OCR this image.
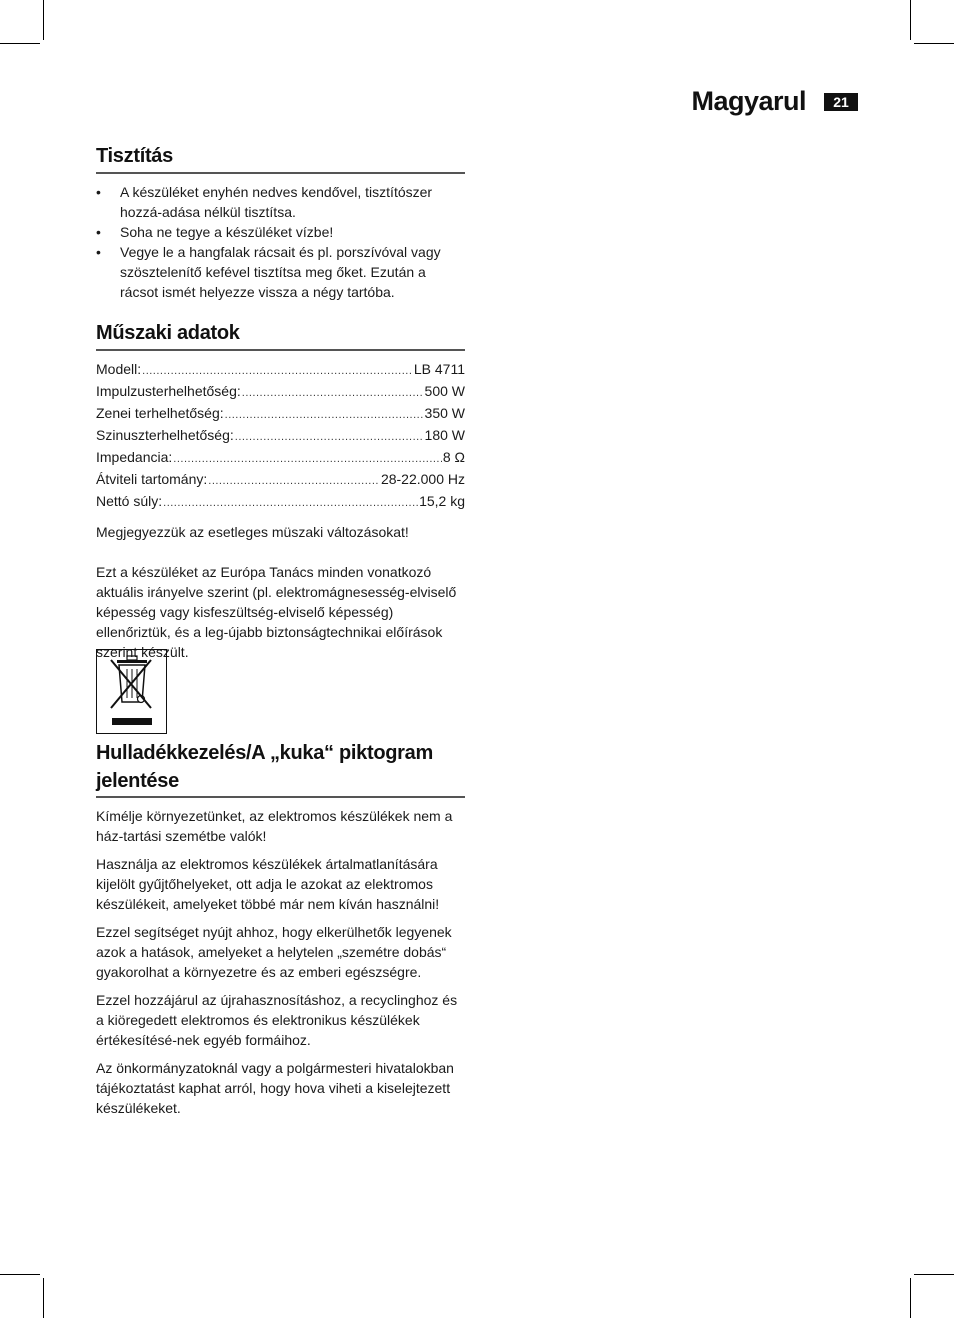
Magyarul	21
Tisztítás
• A készüléket enyhén nedves kendővel, tisztítószer hozzá-adása nélkül tisztítsa.
• Soha ne tegye a készüléket vízbe!
• Vegye le a hangfalak rácsait és pl. porszívóval vagy szösztelenítő kefével tisztítsa meg őket. Ezután a rácsot ismét helyezze vissza a négy tartóba.
Műszaki adatok
Modell: .....	LB 4711
Impulzusterhelhetőség: .....	500 W
Zenei terhelhetőség: .....	350 W
Szinuszterhelhetőség: .....	180 W
Impedancia: .....	8 Ω
Átviteli tartomány: .....	28-22.000 Hz
Nettó súly: .....	15,2 kg

Megjegyezzük az esetleges müszaki változásokat!

Ezt a készüléket az Európa Tanács minden vonatkozó aktuális irányelve szerint (pl. elektromágnesesség-elviselő képesség vagy kisfeszültség-elviselő képesség) ellenőriztük, és a leg-újabb biztonságtechnikai előírások szerint készült.

Hulladékkezelés/A „kuka“ piktogram jelentése

Kímélje környezetünket, az elektromos készülékek nem a ház-tartási szemétbe valók!

Használja az elektromos készülékek ártalmatlanítására kijelölt gyűjtőhelyeket, ott adja le azokat az elektromos készülékeit, amelyeket többé már nem kíván használni!

Ezzel segítséget nyújt ahhoz, hogy elkerülhetők legyenek azok a hatások, amelyeket a helytelen „szemétre dobás“ gyakorolhat a környezetre és az emberi egészségre.

Ezzel hozzájárul az újrahasznosításhoz, a recyclinghoz és a kiöregedett elektromos és elektronikus készülékek értékesítésé-nek egyéb formáihoz.

Az önkormányzatoknál vagy a polgármesteri hivatalokban tájékoztatást kaphat arról, hogy hova viheti a kiselejtezett készülékeket.
